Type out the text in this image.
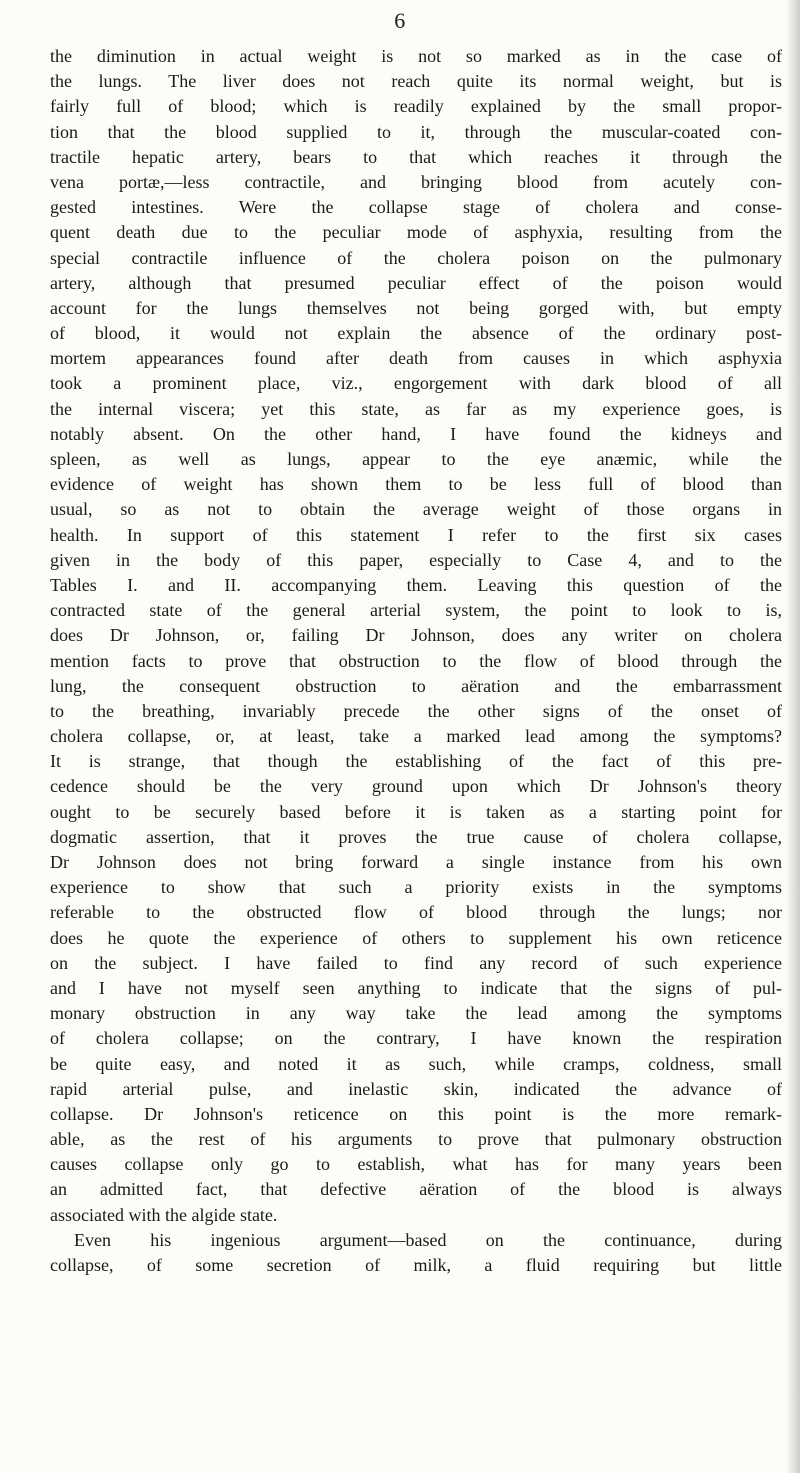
6
the diminution in actual weight is not so marked as in the case of
the lungs. The liver does not reach quite its normal weight, but is
fairly full of blood; which is readily explained by the small propor-
tion that the blood supplied to it, through the muscular-coated con-
tractile hepatic artery, bears to that which reaches it through the
vena portæ,—less contractile, and bringing blood from acutely con-
gested intestines. Were the collapse stage of cholera and conse-
quent death due to the peculiar mode of asphyxia, resulting from the
special contractile influence of the cholera poison on the pulmonary
artery, although that presumed peculiar effect of the poison would
account for the lungs themselves not being gorged with, but empty
of blood, it would not explain the absence of the ordinary post-
mortem appearances found after death from causes in which asphyxia
took a prominent place, viz., engorgement with dark blood of all
the internal viscera; yet this state, as far as my experience goes, is
notably absent. On the other hand, I have found the kidneys and
spleen, as well as lungs, appear to the eye anæmic, while the
evidence of weight has shown them to be less full of blood than
usual, so as not to obtain the average weight of those organs in
health. In support of this statement I refer to the first six cases
given in the body of this paper, especially to Case 4, and to the
Tables I. and II. accompanying them. Leaving this question of the
contracted state of the general arterial system, the point to look to is,
does Dr Johnson, or, failing Dr Johnson, does any writer on cholera
mention facts to prove that obstruction to the flow of blood through the
lung, the consequent obstruction to aëration and the embarrassment
to the breathing, invariably precede the other signs of the onset of
cholera collapse, or, at least, take a marked lead among the symptoms?
It is strange, that though the establishing of the fact of this pre-
cedence should be the very ground upon which Dr Johnson's theory
ought to be securely based before it is taken as a starting point for
dogmatic assertion, that it proves the true cause of cholera collapse,
Dr Johnson does not bring forward a single instance from his own
experience to show that such a priority exists in the symptoms
referable to the obstructed flow of blood through the lungs; nor
does he quote the experience of others to supplement his own reticence
on the subject. I have failed to find any record of such experience
and I have not myself seen anything to indicate that the signs of pul-
monary obstruction in any way take the lead among the symptoms
of cholera collapse; on the contrary, I have known the respiration
be quite easy, and noted it as such, while cramps, coldness, small
rapid arterial pulse, and inelastic skin, indicated the advance of
collapse. Dr Johnson's reticence on this point is the more remark-
able, as the rest of his arguments to prove that pulmonary obstruction
causes collapse only go to establish, what has for many years been
an admitted fact, that defective aëration of the blood is always
associated with the algide state.
Even his ingenious argument—based on the continuance, during
collapse, of some secretion of milk, a fluid requiring but little
